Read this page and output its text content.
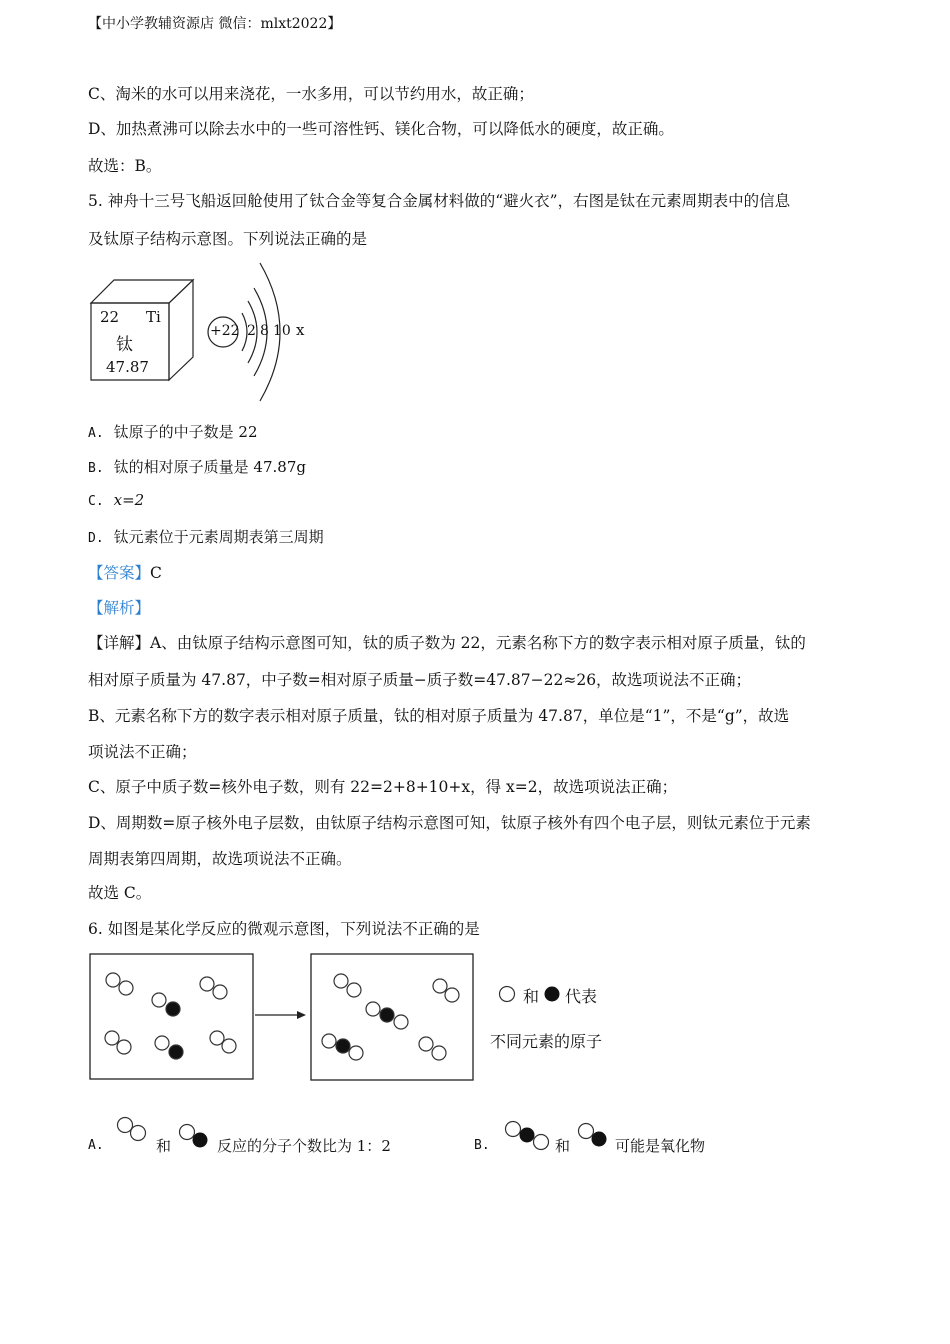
【中小学教辅资源店 微信：mlxt2022】
C、淘米的水可以用来浇花，一水多用，可以节约用水，故正确；
D、加热煮沸可以除去水中的一些可溶性钙、镁化合物，可以降低水的硬度，故正确。
故选：B。
5. 神舟十三号飞船返回舱使用了钛合金等复合金属材料做的“避火衣”，右图是钛在元素周期表中的信息
及钛原子结构示意图。下列说法正确的是
22 Ti
钛
47.87
+22 2 8 10 x
A. 钛原子的中子数是 22
B. 钛的相对原子质量是 47.87g
C. x=2
D. 钛元素位于元素周期表第三周期
【答案】C
【解析】
【详解】A、由钛原子结构示意图可知，钛的质子数为 22，元素名称下方的数字表示相对原子质量，钛的
相对原子质量为 47.87，中子数=相对原子质量−质子数=47.87−22≈26，故选项说法不正确；
B、元素名称下方的数字表示相对原子质量，钛的相对原子质量为 47.87，单位是“1”，不是“g”，故选
项说法不正确；
C、原子中质子数=核外电子数，则有 22=2+8+10+x，得 x=2，故选项说法正确；
D、周期数=原子核外电子层数，由钛原子结构示意图可知，钛原子核外有四个电子层，则钛元素位于元素
周期表第四周期，故选项说法不正确。
故选 C。
6. 如图是某化学反应的微观示意图，下列说法不正确的是
和 代表
不同元素的原子
A.	和	反应的分子个数比为 1：2	B.	和	可能是氧化物
